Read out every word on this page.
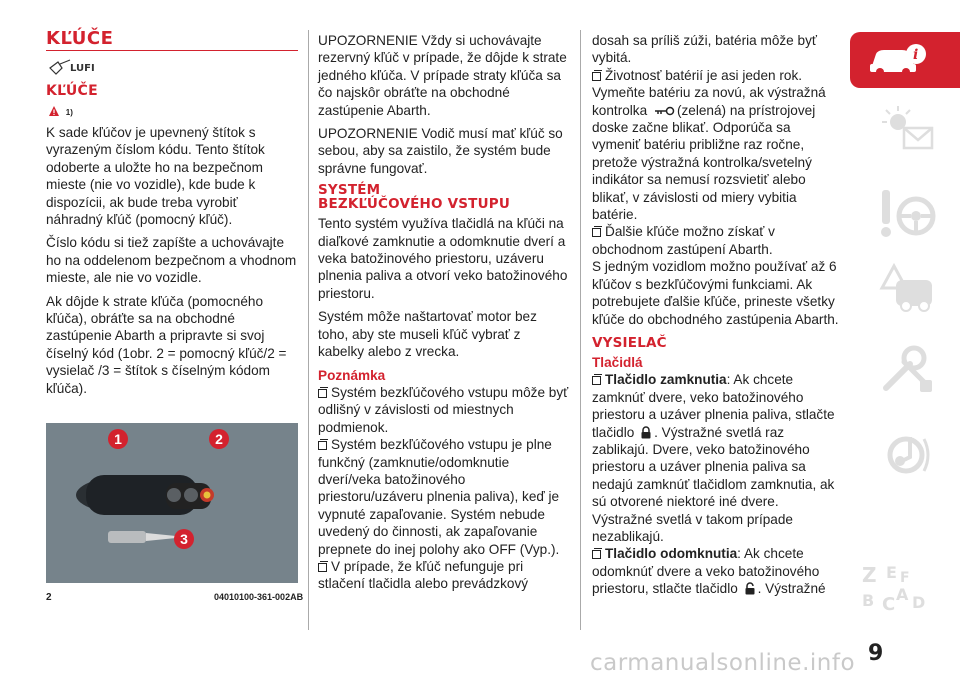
KĽÚČE
LUFI
KĽÚČE
1)

K sade kľúčov je upevnený štítok s vyrazeným číslom kódu. Tento štítok odoberte a uložte ho na bezpečnom mieste (nie vo vozidle), kde bude k dispozícii, ak bude treba vyrobiť náhradný kľúč (pomocný kľúč).

Číslo kódu si tiež zapíšte a uchovávajte ho na oddelenom bezpečnom a vhodnom mieste, ale nie vo vozidle.

Ak dôjde k strate kľúča (pomocného kľúča), obráťte sa na obchodné zastúpenie Abarth a pripravte si svoj číselný kód (1obr. 2 = pomocný kľúč/2 = vysielač /3 = štítok s číselným kódom kľúča).

1	2
3
2	04010100-361-002AB

UPOZORNENIE Vždy si uchovávajte rezervný kľúč v prípade, že dôjde k strate jedného kľúča. V prípade straty kľúča sa čo najskôr obráťte na obchodné zastúpenie Abarth.

UPOZORNENIE Vodič musí mať kľúč so sebou, aby sa zaistilo, že systém bude správne fungovať.

SYSTÉM
BEZKĽÚČOVÉHO VSTUPU

Tento systém využíva tlačidlá na kľúči na diaľkové zamknutie a odomknutie dverí a veka batožinového priestoru, uzáveru plnenia paliva a otvorí veko batožinového priestoru.

Systém môže naštartovať motor bez toho, aby ste museli kľúč vybrať z kabelky alebo z vrecka.

Poznámka
Systém bezkľúčového vstupu môže byť odlišný v závislosti od miestnych podmienok.
Systém bezkľúčového vstupu je plne funkčný (zamknutie/odomknutie dverí/veka batožinového priestoru/uzáveru plnenia paliva), keď je vypnuté zapaľovanie. Systém nebude uvedený do činnosti, ak zapaľovanie prepnete do inej polohy ako OFF (Vyp.).
V prípade, že kľúč nefunguje pri stlačení tlačidla alebo prevádzkový
dosah sa príliš zúži, batéria môže byť vybitá.
Životnosť batérií je asi jeden rok. Vymeňte batériu za novú, ak výstražná kontrolka (zelená) na prístrojovej doske začne blikať. Odporúča sa vymeniť batériu približne raz ročne, pretože výstražná kontrolka/svetelný indikátor sa nemusí rozsvietiť alebo blikať, v závislosti od miery vybitia batérie.
Ďalšie kľúče možno získať v obchodnom zastúpení Abarth.

S jedným vozidlom možno používať až 6 kľúčov s bezkľúčovými funkciami. Ak potrebujete ďalšie kľúče, prineste všetky kľúče do obchodného zastúpenia Abarth.

VYSIELAČ
Tlačidlá
Tlačidlo zamknutia: Ak chcete zamknúť dvere, veko batožinového priestoru a uzáver plnenia paliva, stlačte tlačidlo . Výstražné svetlá raz zablikajú. Dvere, veko batožinového priestoru a uzáver plnenia paliva sa nedajú zamknúť tlačidlom zamknutia, ak sú otvorené niektoré iné dvere. Výstražné svetlá v takom prípade nezablikajú.
Tlačidlo odomknutia: Ak chcete odomknúť dvere a veko batožinového priestoru, stlačte tlačidlo . Výstražné
i
Z E
B C A D
F
9
carmanualsonline.info
